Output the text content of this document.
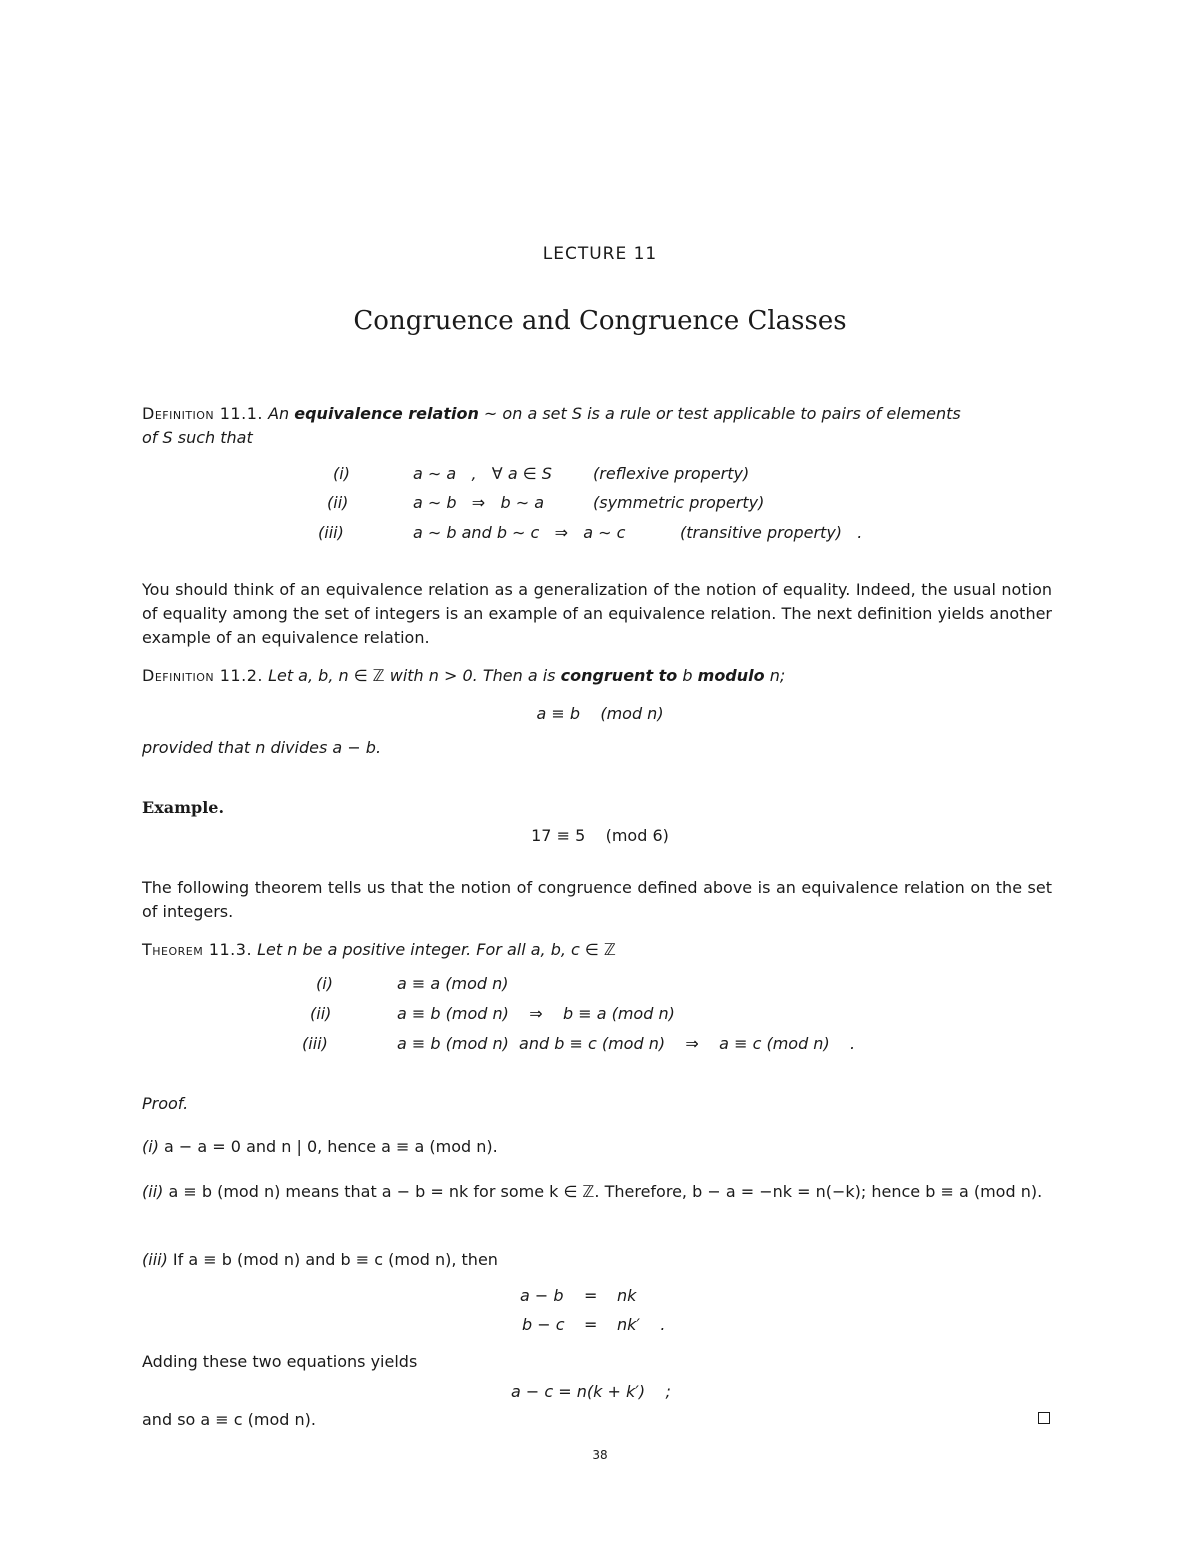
LECTURE 11
Congruence and Congruence Classes
Definition 11.1. An equivalence relation ~ on a set S is a rule or test applicable to pairs of elements
of S such that
(i)	a ∼ a   ,   ∀ a ∈ S	(reflexive property)
(ii)	a ∼ b   ⇒   b ∼ a	(symmetric property)
(iii)	a ∼ b and b ∼ c   ⇒   a ∼ c	(transitive property)   .
You should think of an equivalence relation as a generalization of the notion of equality. Indeed, the usual notion of equality among the set of integers is an example of an equivalence relation. The next definition yields another example of an equivalence relation.
Definition 11.2. Let a, b, n ∈ ℤ with n > 0. Then a is congruent to b modulo n;
a ≡ b    (mod n)
provided that n divides a − b.
Example.
17 ≡ 5    (mod 6)
The following theorem tells us that the notion of congruence defined above is an equivalence relation on the set of integers.
Theorem 11.3. Let n be a positive integer. For all a, b, c ∈ ℤ
(i)	a ≡ a (mod n)
(ii)	a ≡ b (mod n)    ⇒    b ≡ a (mod n)
(iii)	a ≡ b (mod n)  and b ≡ c (mod n)    ⇒    a ≡ c (mod n)    .
Proof.
(i) a − a = 0 and n | 0, hence a ≡ a (mod n).
(ii) a ≡ b (mod n) means that a − b = nk for some k ∈ ℤ. Therefore, b − a = −nk = n(−k); hence b ≡ a (mod n).
(iii) If a ≡ b (mod n) and b ≡ c (mod n), then
a − b = nk
b − c = nk′    .
Adding these two equations yields
a − c = n(k + k′)    ;
and so a ≡ c (mod n).
38
